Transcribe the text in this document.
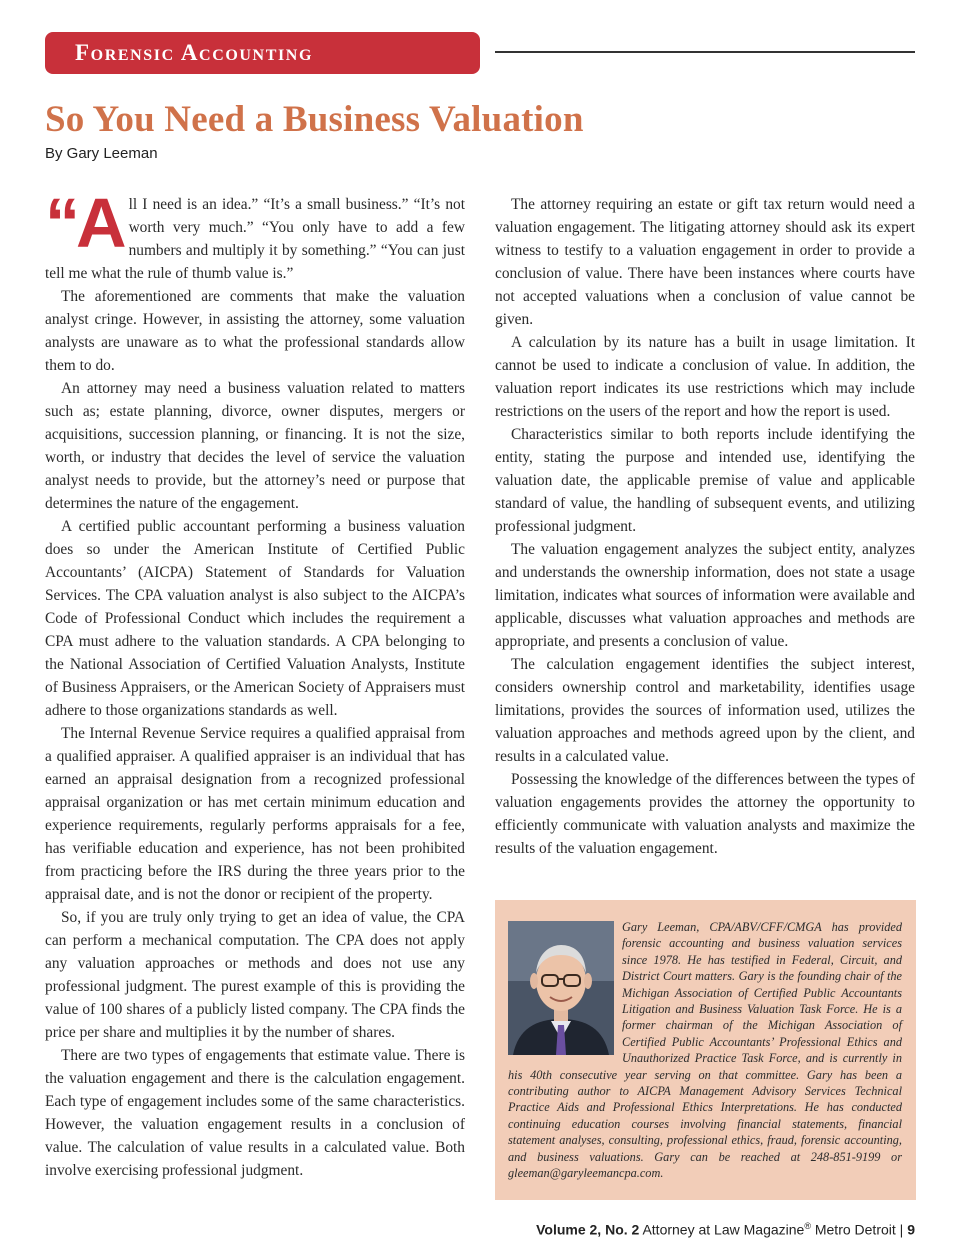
Forensic Accounting
So You Need a Business Valuation
By Gary Leeman

“A ll I need is an idea.” “It’s a small business.” “It’s not worth very much.” “You only have to add a few numbers and multiply it by something.” “You can just tell me what the rule of thumb value is.”

The aforementioned are comments that make the valuation analyst cringe. However, in assisting the attorney, some valuation analysts are unaware as to what the professional standards allow them to do.

An attorney may need a business valuation related to matters such as; estate planning, divorce, owner disputes, mergers or acquisitions, succession planning, or financing. It is not the size, worth, or industry that decides the level of service the valuation analyst needs to provide, but the attorney’s need or purpose that determines the nature of the engagement.

A certified public accountant performing a business valuation does so under the American Institute of Certified Public Accountants’ (AICPA) Statement of Standards for Valuation Services. The CPA valuation analyst is also subject to the AICPA’s Code of Professional Conduct which includes the requirement a CPA must adhere to the valuation standards. A CPA belonging to the National Association of Certified Valuation Analysts, Institute of Business Appraisers, or the American Society of Appraisers must adhere to those organizations standards as well.

The Internal Revenue Service requires a qualified appraisal from a qualified appraiser. A qualified appraiser is an individual that has earned an appraisal designation from a recognized professional appraisal organization or has met certain minimum education and experience requirements, regularly performs appraisals for a fee, has verifiable education and experience, has not been prohibited from practicing before the IRS during the three years prior to the appraisal date, and is not the donor or recipient of the property.

So, if you are truly only trying to get an idea of value, the CPA can perform a mechanical computation. The CPA does not apply any valuation approaches or methods and does not use any professional judgment. The purest example of this is providing the value of 100 shares of a publicly listed company. The CPA finds the price per share and multiplies it by the number of shares.

There are two types of engagements that estimate value. There is the valuation engagement and there is the calculation engagement. Each type of engagement includes some of the same characteristics. However, the valuation engagement results in a conclusion of value. The calculation of value results in a calculated value. Both involve exercising professional judgment.

The attorney requiring an estate or gift tax return would need a valuation engagement. The litigating attorney should ask its expert witness to testify to a valuation engagement in order to provide a conclusion of value. There have been instances where courts have not accepted valuations when a conclusion of value cannot be given.

A calculation by its nature has a built in usage limitation. It cannot be used to indicate a conclusion of value. In addition, the valuation report indicates its use restrictions which may include restrictions on the users of the report and how the report is used.

Characteristics similar to both reports include identifying the entity, stating the purpose and intended use, identifying the valuation date, the applicable premise of value and applicable standard of value, the handling of subsequent events, and utilizing professional judgment.

The valuation engagement analyzes the subject entity, analyzes and understands the ownership information, does not state a usage limitation, indicates what sources of information were available and applicable, discusses what valuation approaches and methods are appropriate, and presents a conclusion of value.

The calculation engagement identifies the subject interest, considers ownership control and marketability, identifies usage limitations, provides the sources of information used, utilizes the valuation approaches and methods agreed upon by the client, and results in a calculated value.

Possessing the knowledge of the differences between the types of valuation engagements provides the attorney the opportunity to efficiently communicate with valuation analysts and maximize the results of the valuation engagement.

Gary Leeman, CPA/ABV/CFF/CMGA has provided forensic accounting and business valuation services since 1978. He has testified in Federal, Circuit, and District Court matters. Gary is the founding chair of the Michigan Association of Certified Public Accountants Litigation and Business Valuation Task Force. He is a former chairman of the Michigan Association of Certified Public Accountants’ Professional Ethics and Unauthorized Practice Task Force, and is currently in his 40th consecutive year serving on that committee. Gary has been a contributing author to AICPA Management Advisory Services Technical Practice Aids and Professional Ethics Interpretations. He has conducted continuing education courses involving financial statements, financial statement analyses, consulting, professional ethics, fraud, forensic accounting, and business valuations. Gary can be reached at 248-851-9199 or gleeman@garyleemancpa.com.

Volume 2, No. 2 Attorney at Law Magazine® Metro Detroit | 9
